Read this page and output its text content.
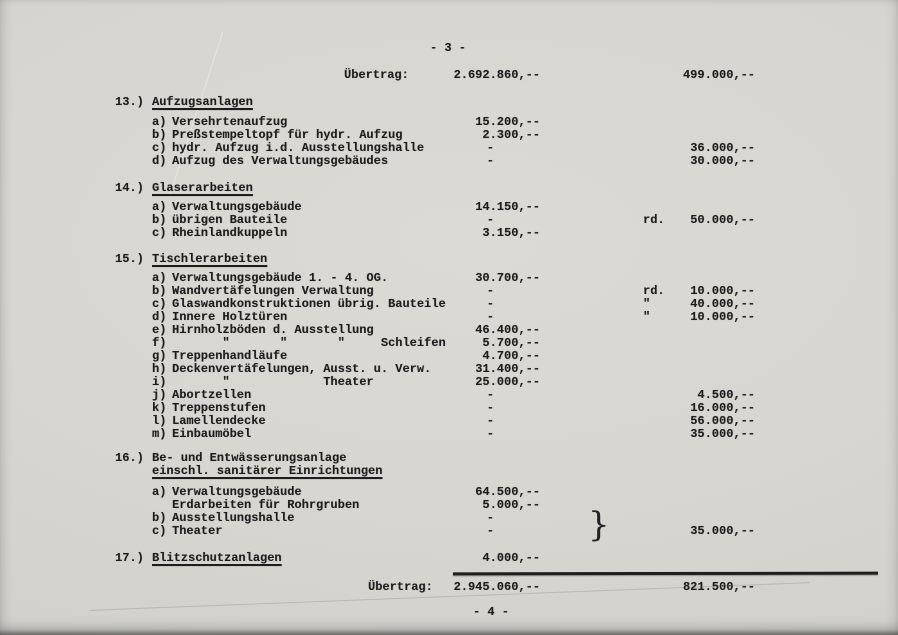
- 3 -
Übertrag:	2.692.860,--	499.000,--
13.) Aufzugsanlagen
a) Versehrtenaufzug	15.200,--
b) Preßstempeltopf für hydr. Aufzug	2.300,--
c) hydr. Aufzug i.d. Ausstellungshalle	-	36.000,--
d) Aufzug des Verwaltungsgebäudes	-	30.000,--
14.) Glaserarbeiten
a) Verwaltungsgebäude	14.150,--
b) übrigen Bauteile	-	rd.	50.000,--
c) Rheinlandkuppeln	3.150,--
15.) Tischlerarbeiten
a) Verwaltungsgebäude 1. - 4. OG.	30.700,--
b) Wandvertäfelungen Verwaltung	-	rd.	10.000,--
c) Glaswandkonstruktionen übrig. Bauteile	-	"	40.000,--
d) Innere Holztüren	-	"	10.000,--
e) Hirnholzböden d. Ausstellung	46.400,--
f) "       "       "     Schleifen	5.700,--
g) Treppenhandläufe	4.700,--
h) Deckenvertäfelungen, Ausst. u. Verw.	31.400,--
i) "             Theater	25.000,--
j) Abortzellen	-	4.500,--
k) Treppenstufen	-	16.000,--
l) Lamellendecke	-	56.000,--
m) Einbaumöbel	-	35.000,--
16.) Be- und Entwässerungsanlage
einschl. sanitärer Einrichtungen
a) Verwaltungsgebäude	64.500,--
Erdarbeiten für Rohrgruben	5.000,--
b) Ausstellungshalle	-
c) Theater	-	35.000,--
17.) Blitzschutzanlagen	4.000,--
}
Übertrag:	2.945.060,--	821.500,--
- 4 -
